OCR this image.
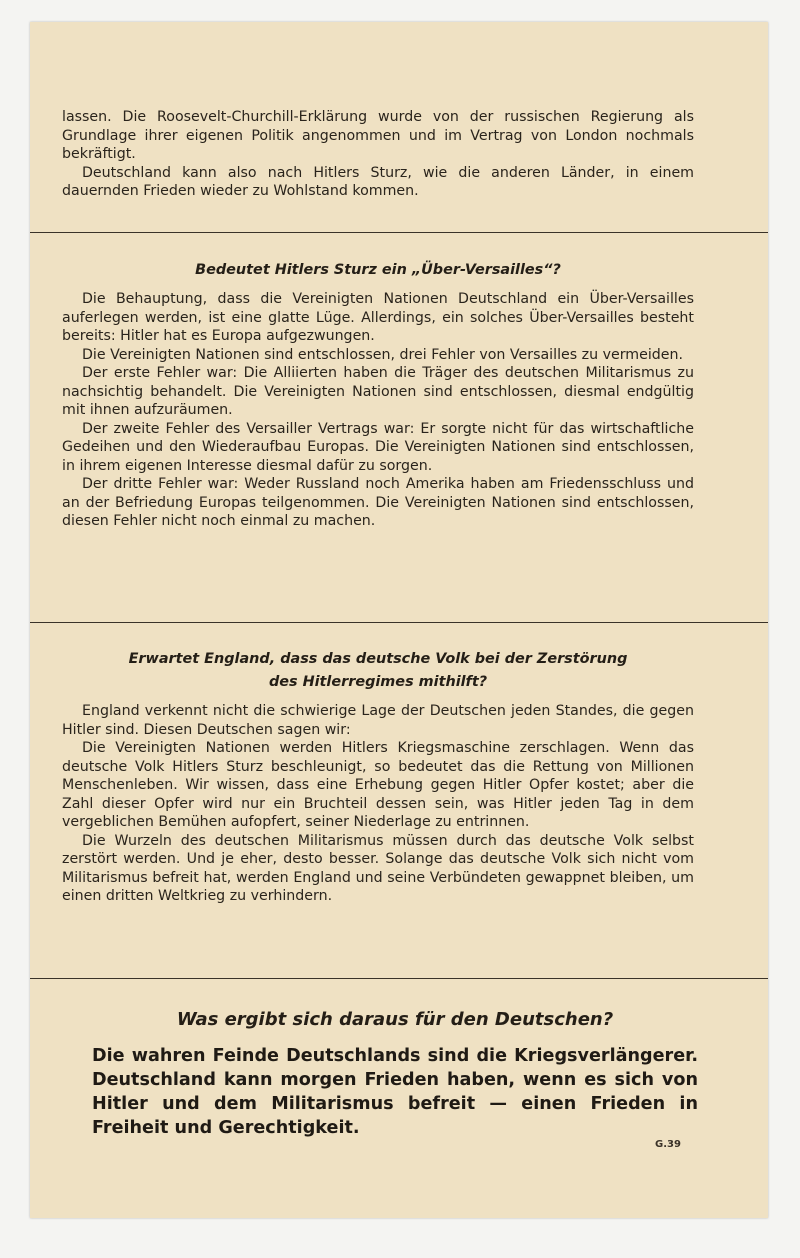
lassen. Die Roosevelt-Churchill-Erklärung wurde von der russischen Regierung als Grundlage ihrer eigenen Politik angenommen und im Vertrag von London nochmals bekräftigt.

Deutschland kann also nach Hitlers Sturz, wie die anderen Länder, in einem dauernden Frieden wieder zu Wohlstand kommen.

Bedeutet Hitlers Sturz ein „Über-Versailles“?

Die Behauptung, dass die Vereinigten Nationen Deutschland ein Über-Versailles auferlegen werden, ist eine glatte Lüge. Allerdings, ein solches Über-Versailles besteht bereits: Hitler hat es Europa aufgezwungen.

Die Vereinigten Nationen sind entschlossen, drei Fehler von Versailles zu vermeiden.

Der erste Fehler war: Die Alliierten haben die Träger des deutschen Militarismus zu nachsichtig behandelt. Die Vereinigten Nationen sind entschlossen, diesmal endgültig mit ihnen aufzuräumen.

Der zweite Fehler des Versailler Vertrags war: Er sorgte nicht für das wirtschaftliche Gedeihen und den Wiederaufbau Europas. Die Vereinigten Nationen sind entschlossen, in ihrem eigenen Interesse diesmal dafür zu sorgen.

Der dritte Fehler war: Weder Russland noch Amerika haben am Friedensschluss und an der Befriedung Europas teilgenommen. Die Vereinigten Nationen sind entschlossen, diesen Fehler nicht noch einmal zu machen.

Erwartet England, dass das deutsche Volk bei der Zerstörung

des Hitlerregimes mithilft?

England verkennt nicht die schwierige Lage der Deutschen jeden Standes, die gegen Hitler sind. Diesen Deutschen sagen wir:

Die Vereinigten Nationen werden Hitlers Kriegsmaschine zerschlagen. Wenn das deutsche Volk Hitlers Sturz beschleunigt, so bedeutet das die Rettung von Millionen Menschenleben. Wir wissen, dass eine Erhebung gegen Hitler Opfer kostet; aber die Zahl dieser Opfer wird nur ein Bruchteil dessen sein, was Hitler jeden Tag in dem vergeblichen Bemühen aufopfert, seiner Niederlage zu entrinnen.

Die Wurzeln des deutschen Militarismus müssen durch das deutsche Volk selbst zerstört werden. Und je eher, desto besser. Solange das deutsche Volk sich nicht vom Militarismus befreit hat, werden England und seine Verbündeten gewappnet bleiben, um einen dritten Weltkrieg zu verhindern.

Was ergibt sich daraus für den Deutschen?

Die wahren Feinde Deutschlands sind die Kriegsverlängerer. Deutschland kann morgen Frieden haben, wenn es sich von Hitler und dem Militarismus befreit — einen Frieden in Freiheit und Gerechtigkeit.

G.39
